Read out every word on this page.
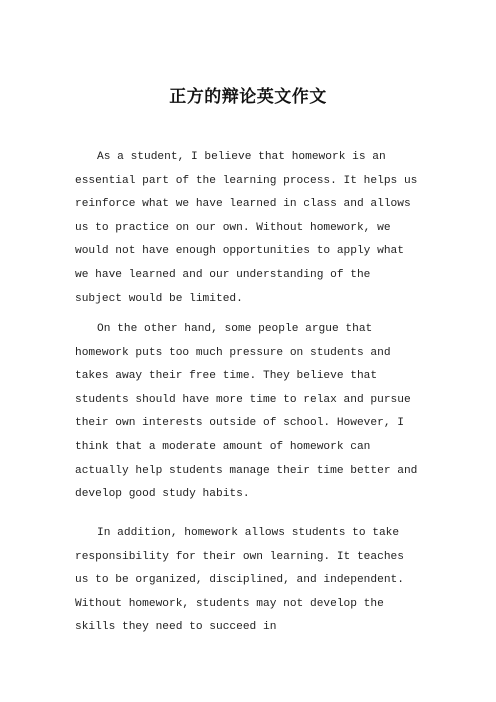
正方的辩论英文作文

As a student, I believe that homework is an essential part of the learning process. It helps us reinforce what we have learned in class and allows us to practice on our own. Without homework, we would not have enough opportunities to apply what we have learned and our understanding of the subject would be limited.

On the other hand, some people argue that homework puts too much pressure on students and takes away their free time. They believe that students should have more time to relax and pursue their own interests outside of school. However, I think that a moderate amount of homework can actually help students manage their time better and develop good study habits.

In addition, homework allows students to take responsibility for their own learning. It teaches us to be organized, disciplined, and independent. Without homework, students may not develop the skills they need to succeed in
